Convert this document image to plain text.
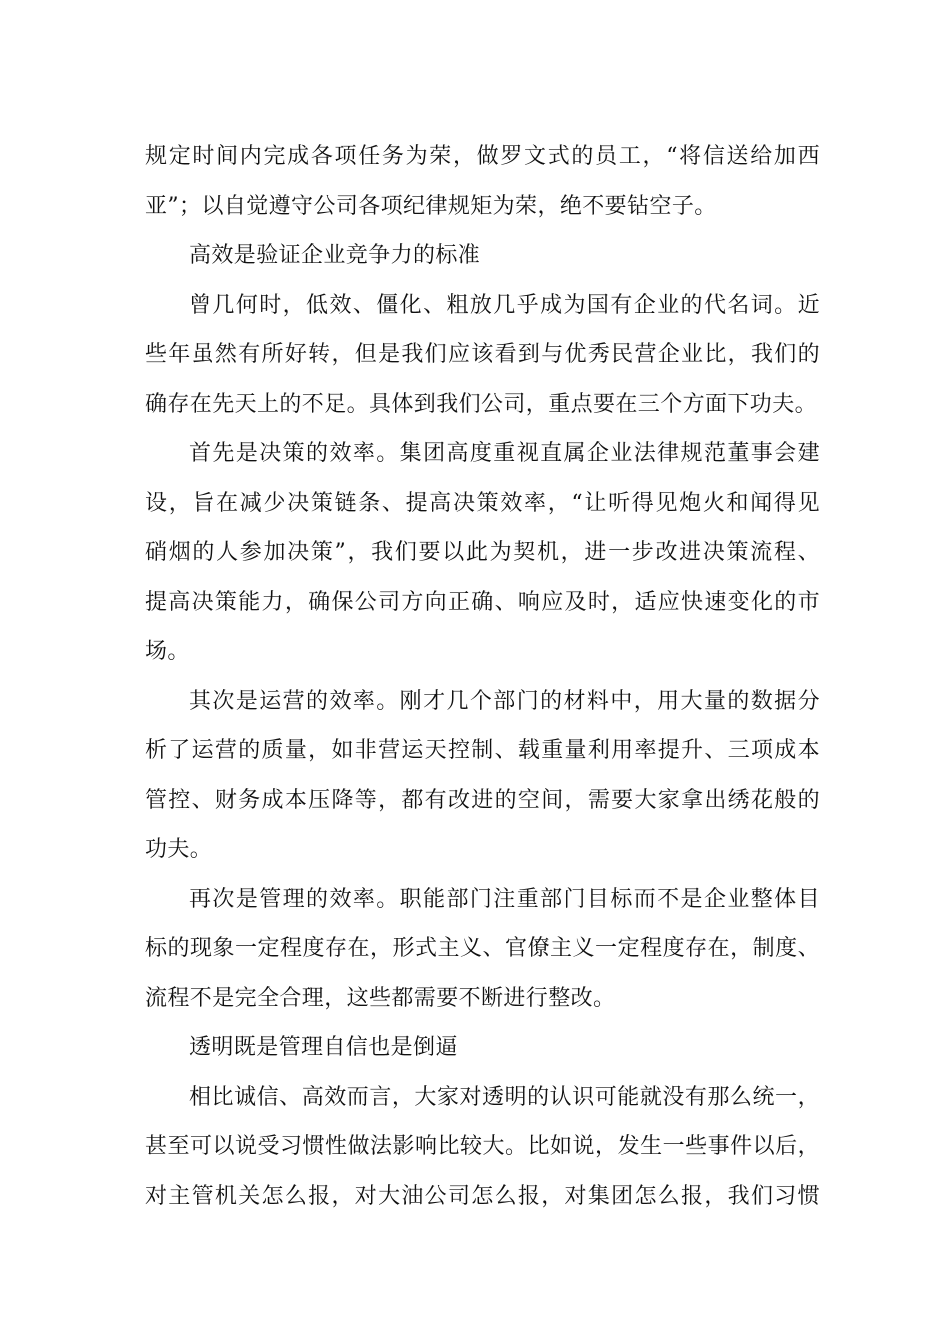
规定时间内完成各项任务为荣，做罗文式的员工，“将信送给加西
亚”；以自觉遵守公司各项纪律规矩为荣，绝不要钻空子。
高效是验证企业竞争力的标准
曾几何时，低效、僵化、粗放几乎成为国有企业的代名词。近
些年虽然有所好转，但是我们应该看到与优秀民营企业比，我们的
确存在先天上的不足。具体到我们公司，重点要在三个方面下功夫。
首先是决策的效率。集团高度重视直属企业法律规范董事会建
设，旨在减少决策链条、提高决策效率，“让听得见炮火和闻得见
硝烟的人参加决策”，我们要以此为契机，进一步改进决策流程、
提高决策能力，确保公司方向正确、响应及时，适应快速变化的市
场。
其次是运营的效率。刚才几个部门的材料中，用大量的数据分
析了运营的质量，如非营运天控制、载重量利用率提升、三项成本
管控、财务成本压降等，都有改进的空间，需要大家拿出绣花般的
功夫。
再次是管理的效率。职能部门注重部门目标而不是企业整体目
标的现象一定程度存在，形式主义、官僚主义一定程度存在，制度、
流程不是完全合理，这些都需要不断进行整改。
透明既是管理自信也是倒逼
相比诚信、高效而言，大家对透明的认识可能就没有那么统一，
甚至可以说受习惯性做法影响比较大。比如说，发生一些事件以后，
对主管机关怎么报，对大油公司怎么报，对集团怎么报，我们习惯
